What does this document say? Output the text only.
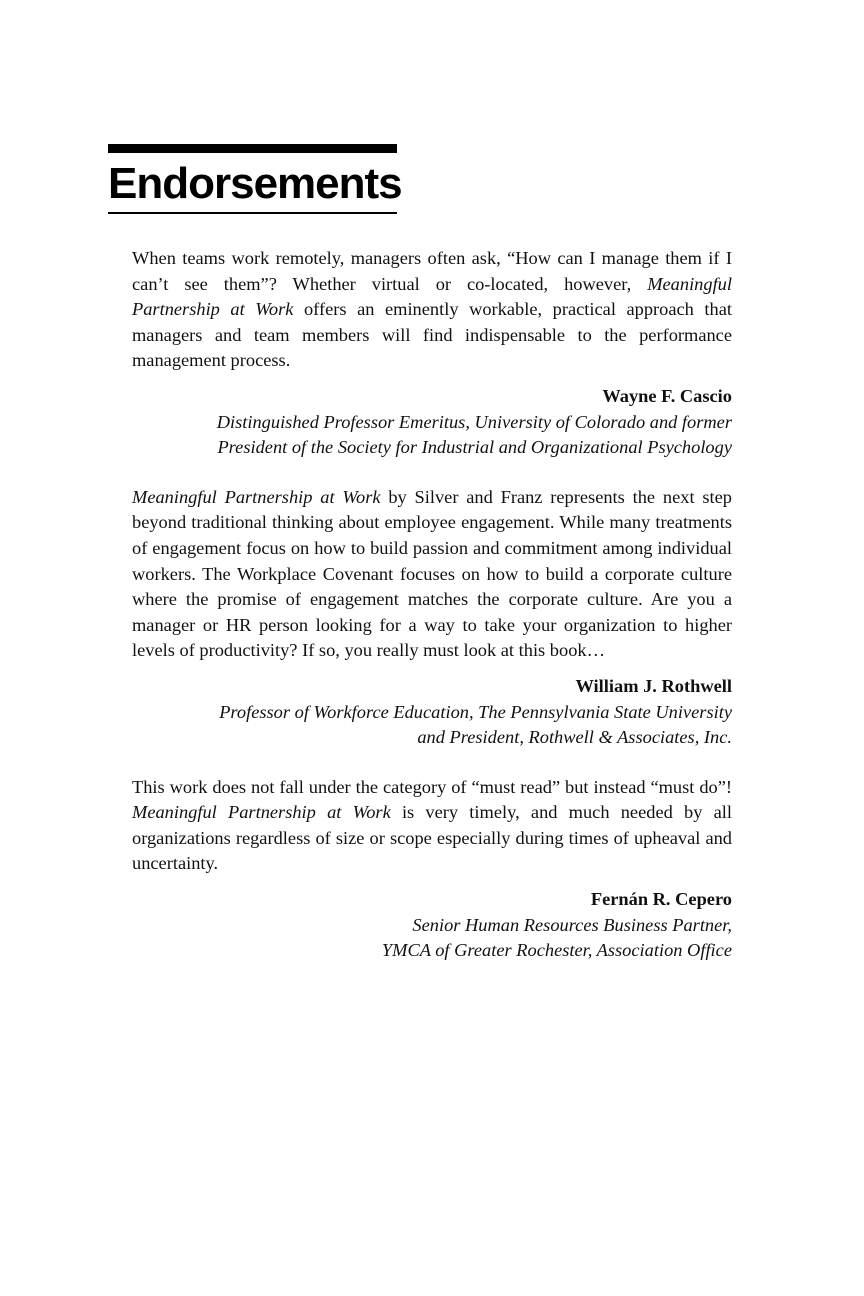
Endorsements

When teams work remotely, managers often ask, “How can I manage them if I can’t see them”? Whether virtual or co-located, however, Meaningful Partnership at Work offers an eminently workable, practical approach that managers and team members will find indispensable to the performance management process.

Wayne F. Cascio

Distinguished Professor Emeritus, University of Colorado and former
President of the Society for Industrial and Organizational Psychology

Meaningful Partnership at Work by Silver and Franz represents the next step beyond traditional thinking about employee engagement. While many treatments of engagement focus on how to build passion and commitment among individual workers. The Workplace Covenant focuses on how to build a corporate culture where the promise of engagement matches the corporate culture. Are you a manager or HR person looking for a way to take your organization to higher levels of productivity? If so, you really must look at this book…

William J. Rothwell

Professor of Workforce Education, The Pennsylvania State University
and President, Rothwell & Associates, Inc.

This work does not fall under the category of “must read” but instead “must do”! Meaningful Partnership at Work is very timely, and much needed by all organizations regardless of size or scope especially during times of upheaval and uncertainty.

Fernán R. Cepero

Senior Human Resources Business Partner,
YMCA of Greater Rochester, Association Office
